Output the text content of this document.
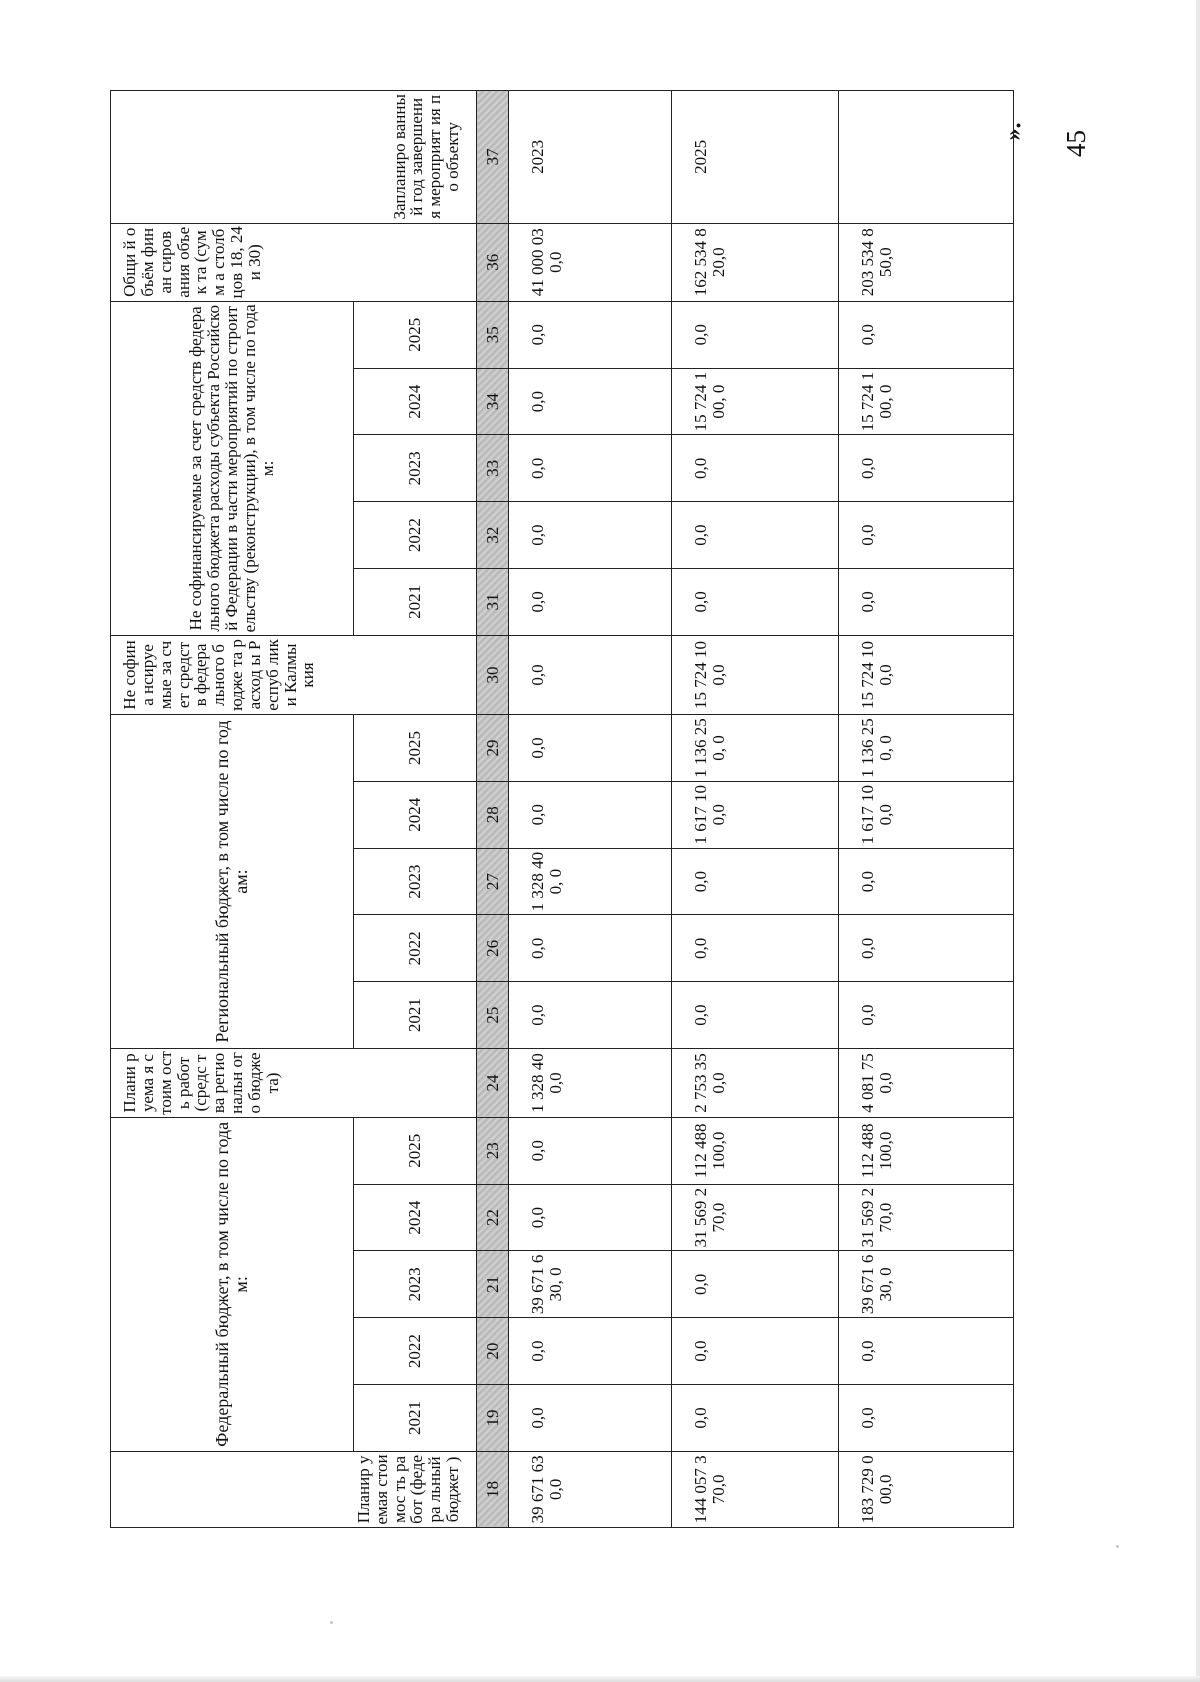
45
».
Планир уемая стоимос ть работ (федера льный бюджет )	Федеральный бюджет, в том числе по годам:					Плани руема я стоим ость работ (средс тва регио нальн ого бюдже та)	Региональный бюджет, в том числе по годам:					Не софина нсируе мые за счет средст в федера льного бюдже та расход ы Респуб лики Калмы кия	Не софинансируемые за счет средств федерального бюджета расходы субъекта Российской Федерации в части мероприятий по строительству (реконструкции), в том числе по годам:					Общи й объём финан сиров ания объек та (сумм а столб цов 18, 24 и 30)	Запланиро ванный год завершени я мероприят ия по объекту
	2021	2022	2023	2024	2025		2021	2022	2023	2024	2025		2021	2022	2023	2024	2025		
18	19	20	21	22	23	24	25	26	27	28	29	30	31	32	33	34	35	36	37
39 671 630,0	0,0	0,0	39 671 630, 0	0,0	0,0	1 328 400,0	0,0	0,0	1 328 400, 0	0,0	0,0	0,0	0,0	0,0	0,0	0,0	0,0	41 000 030,0	2023
144 057 370,0	0,0	0,0	0,0	31 569 270,0	112 488 100,0	2 753 350,0	0,0	0,0	0,0	1 617 100,0	1 136 250, 0	15 724 100,0	0,0	0,0	0,0	15 724 100, 0	0,0	162 534 820,0	2025
183 729 000,0	0,0	0,0	39 671 630, 0	31 569 270,0	112 488 100,0	4 081 750,0	0,0	0,0	0,0	1 617 100,0	1 136 250, 0	15 724 100,0	0,0	0,0	0,0	15 724 100, 0	0,0	203 534 850,0	
